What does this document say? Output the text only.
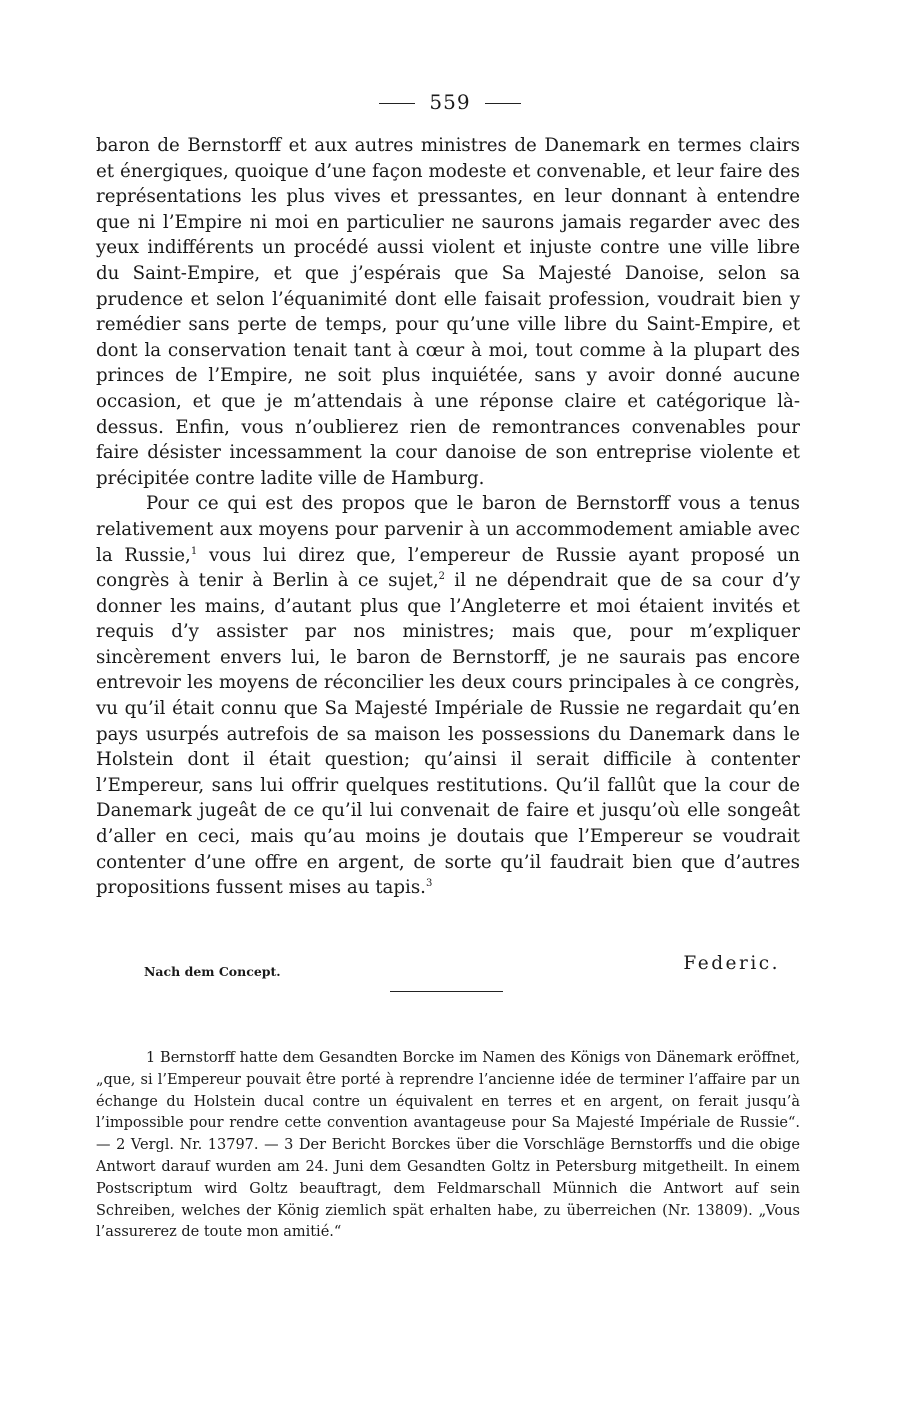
559

baron de Bernstorff et aux autres ministres de Danemark en termes clairs et énergiques, quoique d’une façon modeste et convenable, et leur faire des représentations les plus vives et pressantes, en leur donnant à entendre que ni l’Empire ni moi en particulier ne saurons jamais regarder avec des yeux indifférents un procédé aussi violent et injuste contre une ville libre du Saint-Empire, et que j’espérais que Sa Majesté Danoise, selon sa prudence et selon l’équanimité dont elle faisait profession, voudrait bien y remédier sans perte de temps, pour qu’une ville libre du Saint-Empire, et dont la conservation tenait tant à cœur à moi, tout comme à la plupart des princes de l’Empire, ne soit plus inquiétée, sans y avoir donné aucune occasion, et que je m’attendais à une réponse claire et catégorique là-dessus. Enfin, vous n’oublierez rien de remontrances convenables pour faire désister incessamment la cour danoise de son entreprise violente et précipitée contre ladite ville de Hamburg.

Pour ce qui est des propos que le baron de Bernstorff vous a tenus relativement aux moyens pour parvenir à un accommodement amiable avec la Russie,$^1$ vous lui direz que, l’empereur de Russie ayant proposé un congrès à tenir à Berlin à ce sujet,$^2$ il ne dépendrait que de sa cour d’y donner les mains, d’autant plus que l’Angleterre et moi étaient invités et requis d’y assister par nos ministres; mais que, pour m’expliquer sincèrement envers lui, le baron de Bernstorff, je ne saurais pas encore entrevoir les moyens de réconcilier les deux cours principales à ce congrès, vu qu’il était connu que Sa Majesté Impériale de Russie ne regardait qu’en pays usurpés autrefois de sa maison les possessions du Danemark dans le Holstein dont il était question; qu’ainsi il serait difficile à contenter l’Empereur, sans lui offrir quelques restitutions. Qu’il fallût que la cour de Danemark jugeât de ce qu’il lui convenait de faire et jusqu’où elle songeât d’aller en ceci, mais qu’au moins je doutais que l’Empereur se voudrait contenter d’une offre en argent, de sorte qu’il faudrait bien que d’autres propositions fussent mises au tapis.$^3$

Nach dem Concept.	Federic.

1 Bernstorff hatte dem Gesandten Borcke im Namen des Königs von Dänemark eröffnet, „que, si l’Empereur pouvait être porté à reprendre l’ancienne idée de terminer l’affaire par un échange du Holstein ducal contre un équivalent en terres et en argent, on ferait jusqu’à l’impossible pour rendre cette convention avantageuse pour Sa Majesté Impériale de Russie“. — 2 Vergl. Nr. 13797. — 3 Der Bericht Borckes über die Vorschläge Bernstorffs und die obige Antwort darauf wurden am 24. Juni dem Gesandten Goltz in Petersburg mitgetheilt. In einem Postscriptum wird Goltz beauftragt, dem Feldmarschall Münnich die Antwort auf sein Schreiben, welches der König ziemlich spät erhalten habe, zu überreichen (Nr. 13809). „Vous l’assurerez de toute mon amitié.“
